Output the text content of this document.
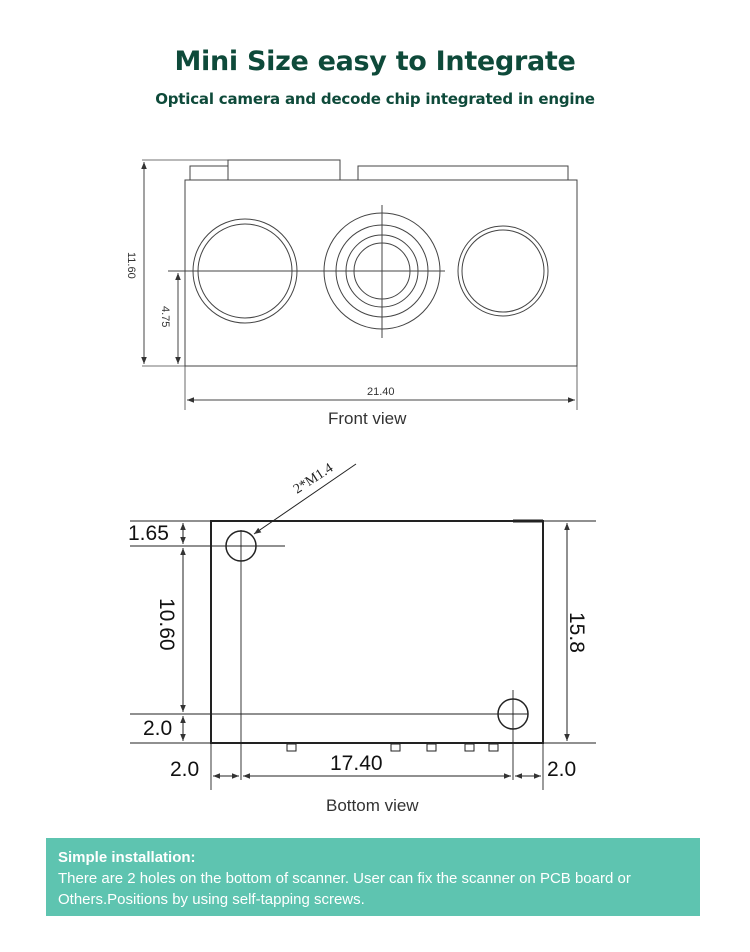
Mini Size easy to Integrate
Optical camera and decode chip integrated in engine
11.60
4.75
21.40
Front view
2*M1.4
1.65
10.60
2.0
15.8
2.0	17.40	2.0
Bottom view
Simple installation:
There are 2 holes on the bottom of scanner. User can fix the scanner on PCB board or Others.Positions by using self-tapping screws.
